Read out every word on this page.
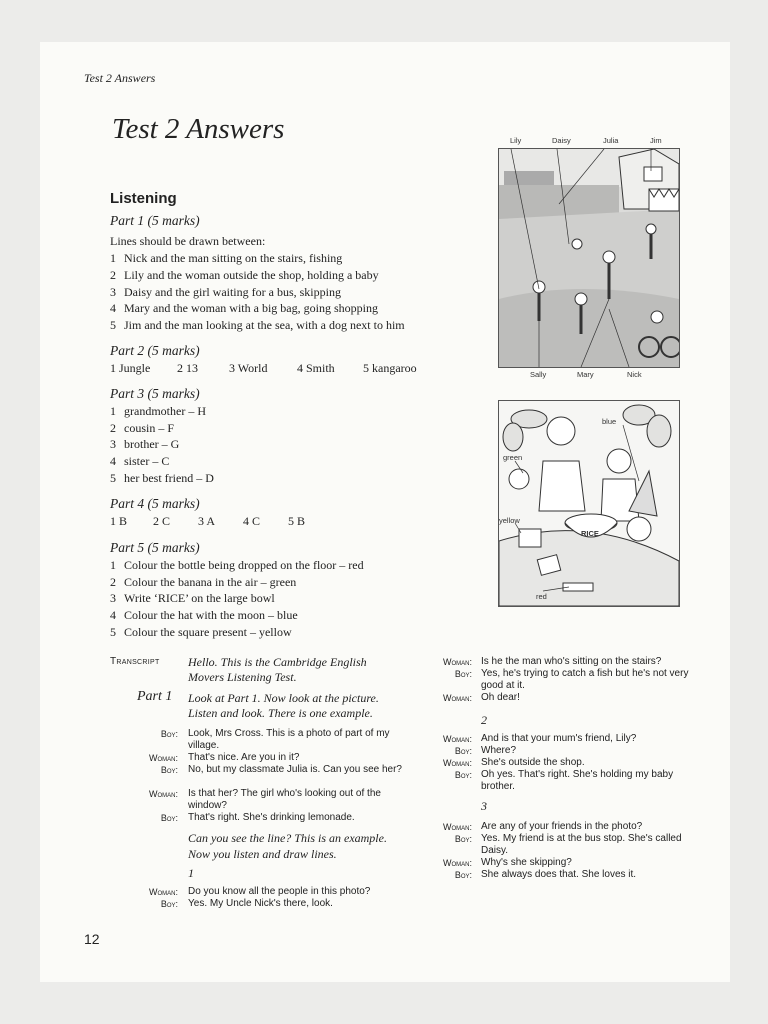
Test 2 Answers
Test 2 Answers
Listening
Part 1 (5 marks)
Lines should be drawn between:
1 Nick and the man sitting on the stairs, fishing
2 Lily and the woman outside the shop, holding a baby
3 Daisy and the girl waiting for a bus, skipping
4 Mary and the woman with a big bag, going shopping
5 Jim and the man looking at the sea, with a dog next to him
Part 2 (5 marks)
1 Jungle 2 13	3 World 4 Smith 5 kangaroo
Part 3 (5 marks)
1 grandmother – H
2 cousin – F
3 brother – G
4 sister – C
5 her best friend – D
Part 4 (5 marks)
1 B 2 C 3 A 4 C 5 B
Part 5 (5 marks)
1 Colour the bottle being dropped on the floor – red
2 Colour the banana in the air – green
3 Write ‘RICE’ on the large bowl
4 Colour the hat with the moon – blue
5 Colour the square present – yellow
Lily	Daisy	Julia	Jim
Sally	Mary	Nick
blue
green
yellow
RICE
red
Transcript Hello. This is the Cambridge English
Movers Listening Test.
Part 1 Look at Part 1. Now look at the picture.
Listen and look. There is one example.
Boy: Look, Mrs Cross. This is a photo of part of my village.
Woman: That's nice. Are you in it?
Boy: No, but my classmate Julia is. Can you see her?
Woman: Is that her? The girl who's looking out of the window?
Boy: That's right. She's drinking lemonade.
Can you see the line? This is an example.
Now you listen and draw lines.
1
Woman: Do you know all the people in this photo?
Boy: Yes. My Uncle Nick's there, look.
Woman: Is he the man who's sitting on the stairs?
Boy: Yes, he's trying to catch a fish but he's not very good at it.
Woman: Oh dear!
2
Woman: And is that your mum's friend, Lily?
Boy: Where?
Woman: She's outside the shop.
Boy: Oh yes. That's right. She's holding my baby brother.
3
Woman: Are any of your friends in the photo?
Boy: Yes. My friend is at the bus stop. She's called Daisy.
Woman: Why's she skipping?
Boy: She always does that. She loves it.
12
